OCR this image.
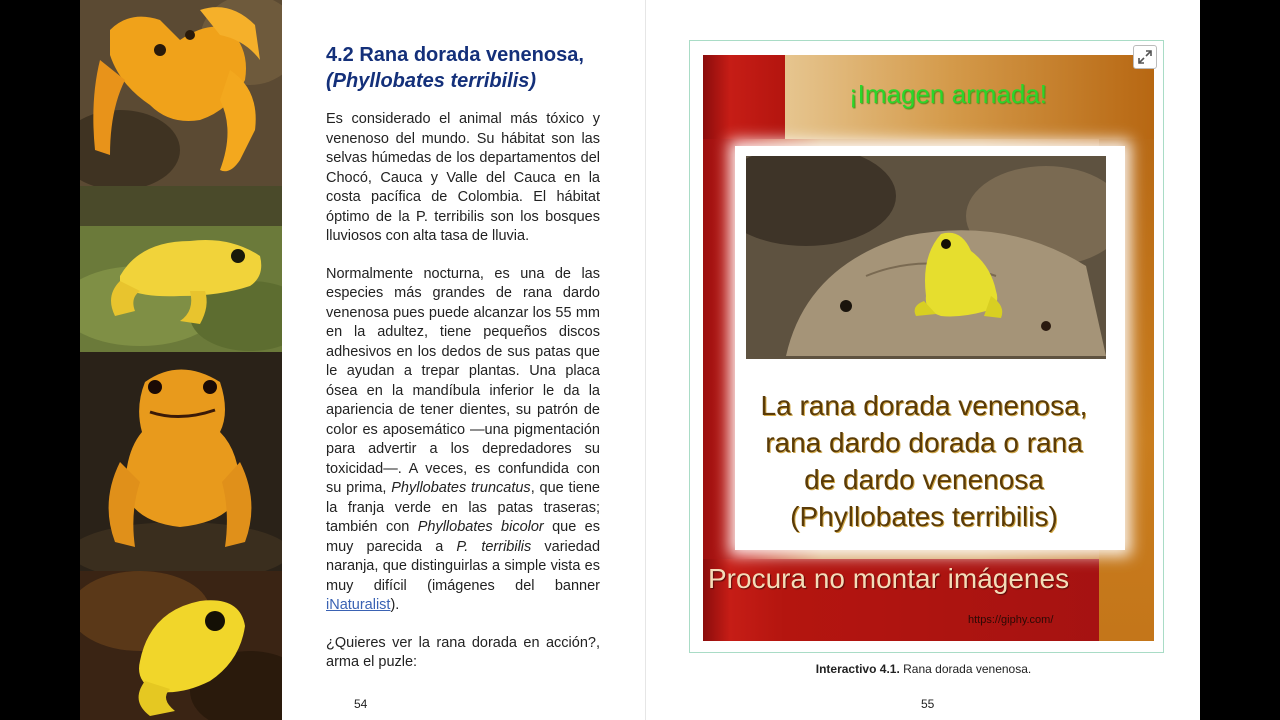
4.2 Rana dorada venenosa,
(Phyllobates terribilis)

Es considerado el animal más tóxico y venenoso del mundo. Su hábitat son las selvas húmedas de los departamentos del Chocó, Cauca y Valle del Cauca en la costa pacífica de Colombia. El hábitat óptimo de la P. terribilis son los bosques lluviosos con alta tasa de lluvia.

Normalmente nocturna, es una de las especies más grandes de rana dardo venenosa pues puede alcanzar los 55 mm en la adultez, tiene pequeños discos adhesivos en los dedos de sus patas que le ayudan a trepar plantas. Una placa ósea en la mandíbula inferior le da la apariencia de tener dientes, su patrón de color es aposemático —una pigmentación para advertir a los depredadores su toxicidad—. A veces, es confundida con su prima, Phyllobates truncatus, que tiene la franja verde en las patas traseras; también con Phyllobates bicolor que es muy parecida a P. terribilis variedad naranja, que distinguirlas a simple vista es muy difícil (imágenes del banner iNaturalist).

¿Quieres ver la rana dorada en acción?, arma el puzle:

54
¡Imagen armada!
La rana dorada venenosa,
rana dardo dorada o rana
de dardo venenosa
(Phyllobates terribilis)
Procura no montar imágenes
https://giphy.com/
Interactivo 4.1. Rana dorada venenosa.
55
